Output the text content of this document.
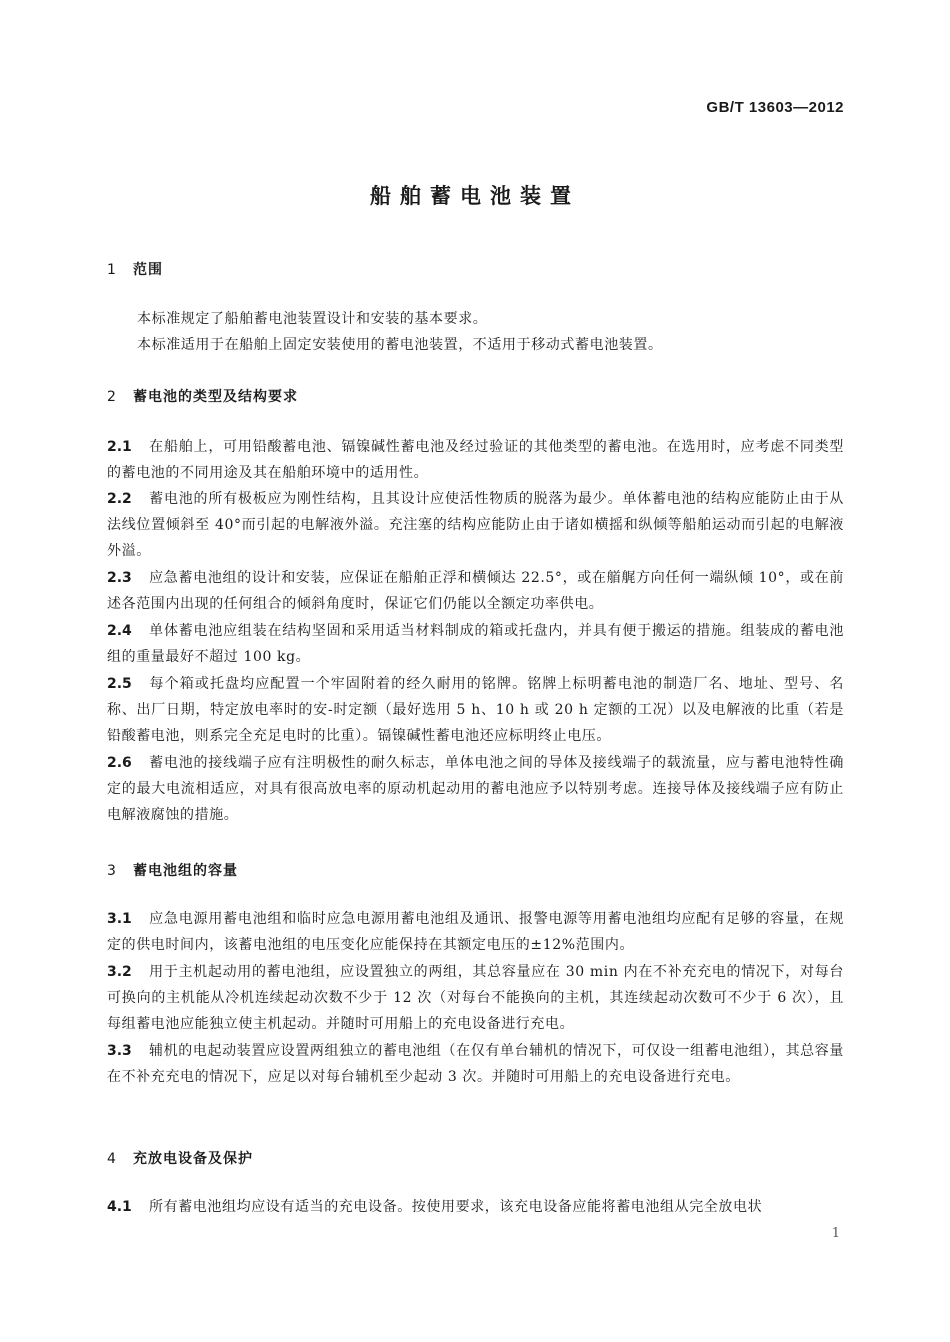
GB/T 13603—2012
船舶蓄电池装置
1 范围
本标准规定了船舶蓄电池装置设计和安装的基本要求。
本标准适用于在船舶上固定安装使用的蓄电池装置，不适用于移动式蓄电池装置。
2 蓄电池的类型及结构要求
2.1 在船舶上，可用铅酸蓄电池、镉镍碱性蓄电池及经过验证的其他类型的蓄电池。在选用时，应考虑不同类型的蓄电池的不同用途及其在船舶环境中的适用性。
2.2 蓄电池的所有极板应为刚性结构，且其设计应使活性物质的脱落为最少。单体蓄电池的结构应能防止由于从法线位置倾斜至 40°而引起的电解液外溢。充注塞的结构应能防止由于诸如横摇和纵倾等船舶运动而引起的电解液外溢。
2.3 应急蓄电池组的设计和安装，应保证在船舶正浮和横倾达 22.5°，或在艏艉方向任何一端纵倾 10°，或在前述各范围内出现的任何组合的倾斜角度时，保证它们仍能以全额定功率供电。
2.4 单体蓄电池应组装在结构坚固和采用适当材料制成的箱或托盘内，并具有便于搬运的措施。组装成的蓄电池组的重量最好不超过 100 kg。
2.5 每个箱或托盘均应配置一个牢固附着的经久耐用的铭牌。铭牌上标明蓄电池的制造厂名、地址、型号、名称、出厂日期，特定放电率时的安-时定额（最好选用 5 h、10 h 或 20 h 定额的工况）以及电解液的比重（若是铅酸蓄电池，则系完全充足电时的比重）。镉镍碱性蓄电池还应标明终止电压。
2.6 蓄电池的接线端子应有注明极性的耐久标志，单体电池之间的导体及接线端子的载流量，应与蓄电池特性确定的最大电流相适应，对具有很高放电率的原动机起动用的蓄电池应予以特别考虑。连接导体及接线端子应有防止电解液腐蚀的措施。
3 蓄电池组的容量
3.1 应急电源用蓄电池组和临时应急电源用蓄电池组及通讯、报警电源等用蓄电池组均应配有足够的容量，在规定的供电时间内，该蓄电池组的电压变化应能保持在其额定电压的±12%范围内。
3.2 用于主机起动用的蓄电池组，应设置独立的两组，其总容量应在 30 min 内在不补充充电的情况下，对每台可换向的主机能从冷机连续起动次数不少于 12 次（对每台不能换向的主机，其连续起动次数可不少于 6 次），且每组蓄电池应能独立使主机起动。并随时可用船上的充电设备进行充电。
3.3 辅机的电起动装置应设置两组独立的蓄电池组（在仅有单台辅机的情况下，可仅设一组蓄电池组），其总容量在不补充充电的情况下，应足以对每台辅机至少起动 3 次。并随时可用船上的充电设备进行充电。
4 充放电设备及保护
4.1 所有蓄电池组均应设有适当的充电设备。按使用要求，该充电设备应能将蓄电池组从完全放电状
1
